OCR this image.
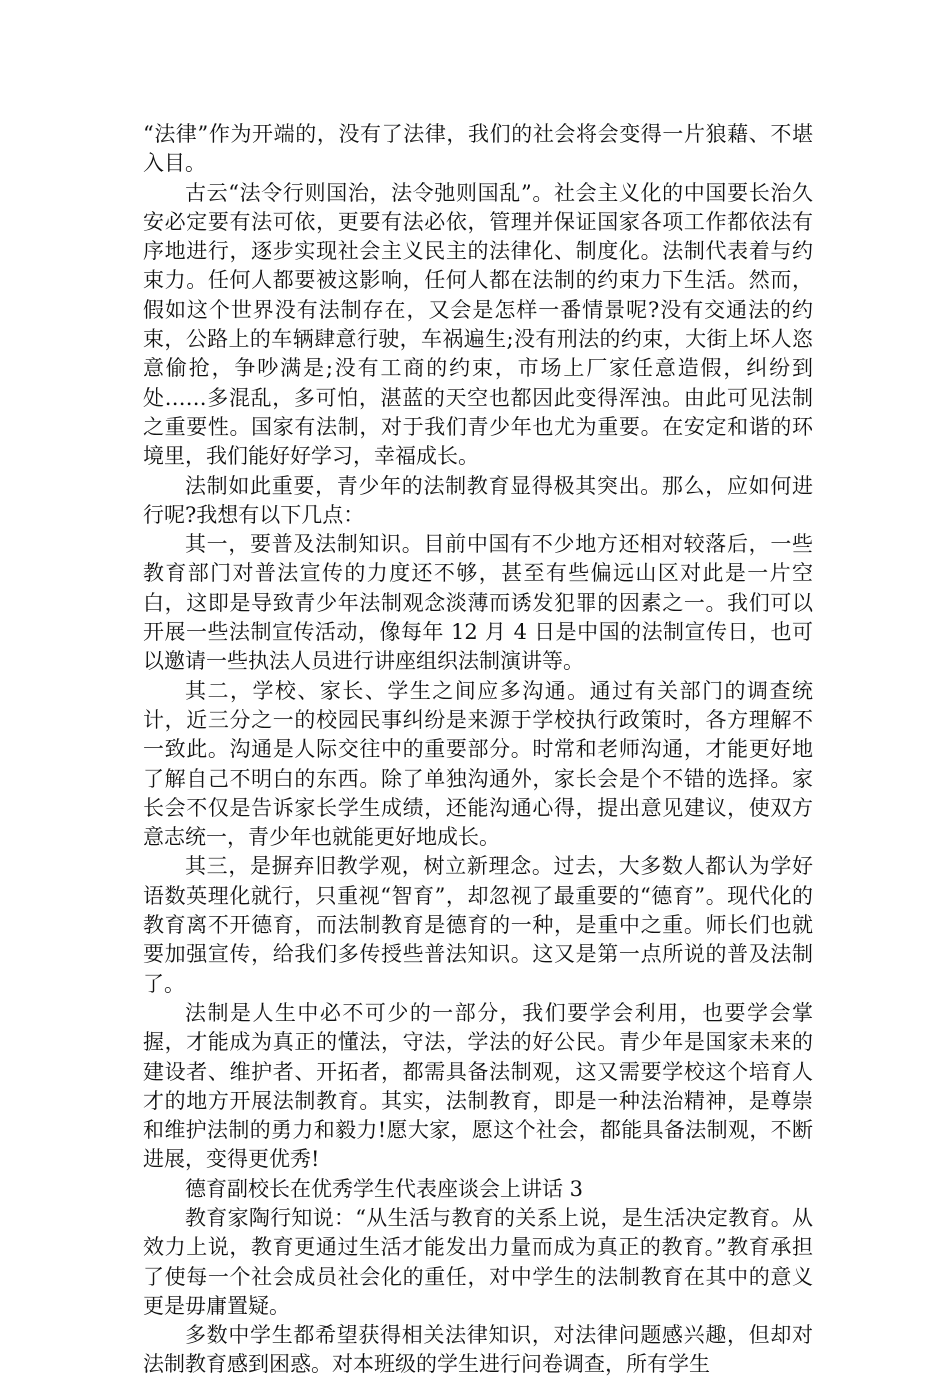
“法律”作为开端的，没有了法律，我们的社会将会变得一片狼藉、不堪入目。

古云“法令行则国治，法令弛则国乱”。社会主义化的中国要长治久安必定要有法可依，更要有法必依，管理并保证国家各项工作都依法有序地进行，逐步实现社会主义民主的法律化、制度化。法制代表着与约束力。任何人都要被这影响，任何人都在法制的约束力下生活。然而，假如这个世界没有法制存在，又会是怎样一番情景呢?没有交通法的约束，公路上的车辆肆意行驶，车祸遍生;没有刑法的约束，大街上坏人恣意偷抢，争吵满是;没有工商的约束，市场上厂家任意造假，纠纷到处……多混乱，多可怕，湛蓝的天空也都因此变得浑浊。由此可见法制之重要性。国家有法制，对于我们青少年也尤为重要。在安定和谐的环境里，我们能好好学习，幸福成长。

法制如此重要，青少年的法制教育显得极其突出。那么，应如何进行呢?我想有以下几点：

其一，要普及法制知识。目前中国有不少地方还相对较落后，一些教育部门对普法宣传的力度还不够，甚至有些偏远山区对此是一片空白，这即是导致青少年法制观念淡薄而诱发犯罪的因素之一。我们可以开展一些法制宣传活动，像每年 12 月 4 日是中国的法制宣传日，也可以邀请一些执法人员进行讲座组织法制演讲等。

其二，学校、家长、学生之间应多沟通。通过有关部门的调查统计，近三分之一的校园民事纠纷是来源于学校执行政策时，各方理解不一致此。沟通是人际交往中的重要部分。时常和老师沟通，才能更好地了解自己不明白的东西。除了单独沟通外，家长会是个不错的选择。家长会不仅是告诉家长学生成绩，还能沟通心得，提出意见建议，使双方意志统一，青少年也就能更好地成长。

其三，是摒弃旧教学观，树立新理念。过去，大多数人都认为学好语数英理化就行，只重视“智育”，却忽视了最重要的“德育”。现代化的教育离不开德育，而法制教育是德育的一种，是重中之重。师长们也就要加强宣传，给我们多传授些普法知识。这又是第一点所说的普及法制了。

法制是人生中必不可少的一部分，我们要学会利用，也要学会掌握，才能成为真正的懂法，守法，学法的好公民。青少年是国家未来的建设者、维护者、开拓者，都需具备法制观，这又需要学校这个培育人才的地方开展法制教育。其实，法制教育，即是一种法治精神，是尊崇和维护法制的勇力和毅力!愿大家，愿这个社会，都能具备法制观，不断进展，变得更优秀!

德育副校长在优秀学生代表座谈会上讲话 3

教育家陶行知说：“从生活与教育的关系上说，是生活决定教育。从效力上说，教育更通过生活才能发出力量而成为真正的教育。”教育承担了使每一个社会成员社会化的重任，对中学生的法制教育在其中的意义更是毋庸置疑。

多数中学生都希望获得相关法律知识，对法律问题感兴趣，但却对法制教育感到困惑。对本班级的学生进行问卷调查，所有学生
